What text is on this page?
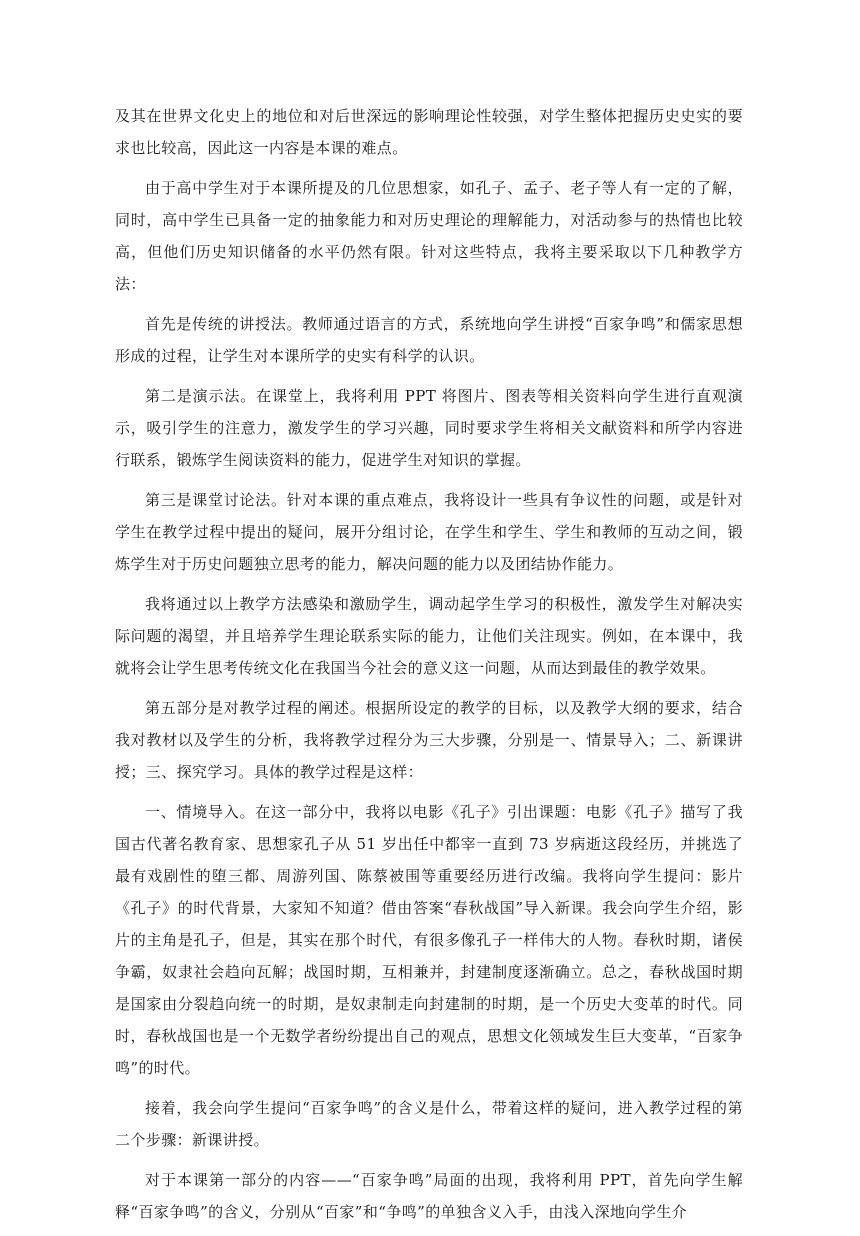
及其在世界文化史上的地位和对后世深远的影响理论性较强，对学生整体把握历史史实的要求也比较高，因此这一内容是本课的难点。

由于高中学生对于本课所提及的几位思想家，如孔子、孟子、老子等人有一定的了解，同时，高中学生已具备一定的抽象能力和对历史理论的理解能力，对活动参与的热情也比较高，但他们历史知识储备的水平仍然有限。针对这些特点，我将主要采取以下几种教学方法：

首先是传统的讲授法。教师通过语言的方式，系统地向学生讲授“百家争鸣”和儒家思想形成的过程，让学生对本课所学的史实有科学的认识。

第二是演示法。在课堂上，我将利用 PPT 将图片、图表等相关资料向学生进行直观演示，吸引学生的注意力，激发学生的学习兴趣，同时要求学生将相关文献资料和所学内容进行联系，锻炼学生阅读资料的能力，促进学生对知识的掌握。

第三是课堂讨论法。针对本课的重点难点，我将设计一些具有争议性的问题，或是针对学生在教学过程中提出的疑问，展开分组讨论，在学生和学生、学生和教师的互动之间，锻炼学生对于历史问题独立思考的能力，解决问题的能力以及团结协作能力。

我将通过以上教学方法感染和激励学生，调动起学生学习的积极性，激发学生对解决实际问题的渴望，并且培养学生理论联系实际的能力，让他们关注现实。例如，在本课中，我就将会让学生思考传统文化在我国当今社会的意义这一问题，从而达到最佳的教学效果。

第五部分是对教学过程的阐述。根据所设定的教学的目标，以及教学大纲的要求，结合我对教材以及学生的分析，我将教学过程分为三大步骤，分别是一、情景导入；二、新课讲授；三、探究学习。具体的教学过程是这样：

一、情境导入。在这一部分中，我将以电影《孔子》引出课题：电影《孔子》描写了我国古代著名教育家、思想家孔子从 51 岁出任中都宰一直到 73 岁病逝这段经历，并挑选了最有戏剧性的堕三都、周游列国、陈蔡被围等重要经历进行改编。我将向学生提问：影片《孔子》的时代背景，大家知不知道？借由答案“春秋战国”导入新课。我会向学生介绍，影片的主角是孔子，但是，其实在那个时代，有很多像孔子一样伟大的人物。春秋时期，诸侯争霸，奴隶社会趋向瓦解；战国时期，互相兼并，封建制度逐渐确立。总之，春秋战国时期是国家由分裂趋向统一的时期，是奴隶制走向封建制的时期，是一个历史大变革的时代。同时，春秋战国也是一个无数学者纷纷提出自己的观点，思想文化领域发生巨大变革，“百家争鸣”的时代。

接着，我会向学生提问“百家争鸣”的含义是什么，带着这样的疑问，进入教学过程的第二个步骤：新课讲授。

对于本课第一部分的内容——“百家争鸣”局面的出现，我将利用 PPT，首先向学生解释“百家争鸣”的含义，分别从“百家”和“争鸣”的单独含义入手，由浅入深地向学生介
